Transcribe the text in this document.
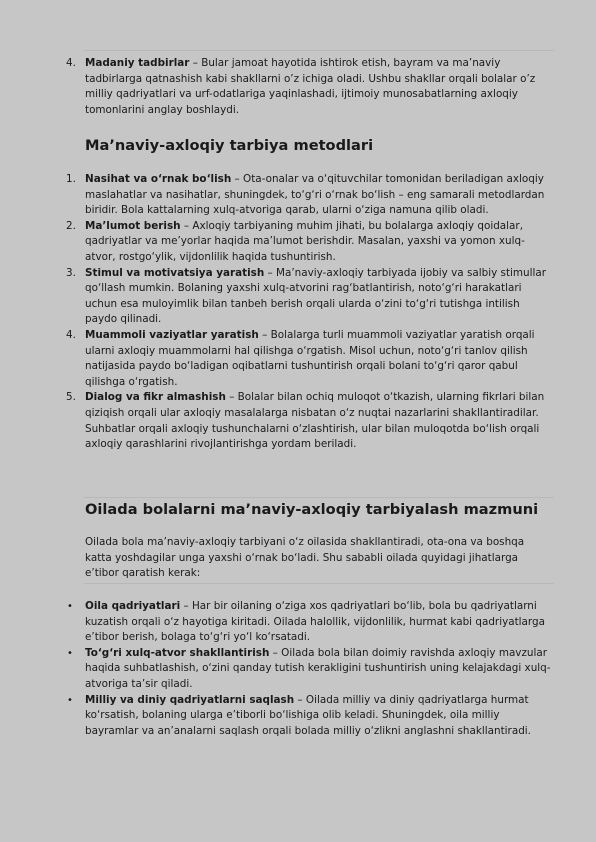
4. Madaniy tadbirlar – Bular jamoat hayotida ishtirok etish, bayram va ma’naviy tadbirlarga qatnashish kabi shakllarni o’z ichiga oladi. Ushbu shakllar orqali bolalar o’z milliy qadriyatlari va urf-odatlariga yaqinlashadi, ijtimoiy munosabatlarning axloqiy tomonlarini anglay boshlaydi.
Ma’naviy-axloqiy tarbiya metodlari
1. Nasihat va o‘rnak bo‘lish – Ota-onalar va o‘qituvchilar tomonidan beriladigan axloqiy maslahatlar va nasihatlar, shuningdek, to‘g‘ri o‘rnak bo‘lish – eng samarali metodlardan biridir. Bola kattalarning xulq-atvoriga qarab, ularni o‘ziga namuna qilib oladi.
2. Ma’lumot berish – Axloqiy tarbiyaning muhim jihati, bu bolalarga axloqiy qoidalar, qadriyatlar va me’yorlar haqida ma’lumot berishdir. Masalan, yaxshi va yomon xulq-atvor, rostgo‘ylik, vijdonlilik haqida tushuntirish.
3. Stimul va motivatsiya yaratish – Ma’naviy-axloqiy tarbiyada ijobiy va salbiy stimullar qo‘llash mumkin. Bolaning yaxshi xulq-atvorini rag‘batlantirish, noto‘g‘ri harakatlari uchun esa muloyimlik bilan tanbeh berish orqali ularda o‘zini to‘g‘ri tutishga intilish paydo qilinadi.
4. Muammoli vaziyatlar yaratish – Bolalarga turli muammoli vaziyatlar yaratish orqali ularni axloqiy muammolarni hal qilishga o‘rgatish. Misol uchun, noto‘g‘ri tanlov qilish natijasida paydo bo‘ladigan oqibatlarni tushuntirish orqali bolani to‘g‘ri qaror qabul qilishga o‘rgatish.
5. Dialog va fikr almashish – Bolalar bilan ochiq muloqot o‘tkazish, ularning fikrlari bilan qiziqish orqali ular axloqiy masalalarga nisbatan o‘z nuqtai nazarlarini shakllantiradilar. Suhbatlar orqali axloqiy tushunchalarni o‘zlashtirish, ular bilan muloqotda bo‘lish orqali axloqiy qarashlarini rivojlantirishga yordam beriladi.
Oilada bolalarni ma’naviy-axloqiy tarbiyalash mazmuni

Oilada bola ma’naviy-axloqiy tarbiyani o‘z oilasida shakllantiradi, ota-ona va boshqa katta yoshdagilar unga yaxshi o‘rnak bo‘ladi. Shu sababli oilada quyidagi jihatlarga e’tibor qaratish kerak:

• Oila qadriyatlari – Har bir oilaning o‘ziga xos qadriyatlari bo‘lib, bola bu qadriyatlarni kuzatish orqali o‘z hayotiga kiritadi. Oilada halollik, vijdonlilik, hurmat kabi qadriyatlarga e’tibor berish, bolaga to‘g‘ri yo‘l ko‘rsatadi.
• To‘g‘ri xulq-atvor shakllantirish – Oilada bola bilan doimiy ravishda axloqiy mavzular haqida suhbatlashish, o‘zini qanday tutish kerakligini tushuntirish uning kelajakdagi xulq-atvoriga ta’sir qiladi.
• Milliy va diniy qadriyatlarni saqlash – Oilada milliy va diniy qadriyatlarga hurmat ko‘rsatish, bolaning ularga e’tiborli bo‘lishiga olib keladi. Shuningdek, oila milliy bayramlar va an’analarni saqlash orqali bolada milliy o‘zlikni anglashni shakllantiradi.
